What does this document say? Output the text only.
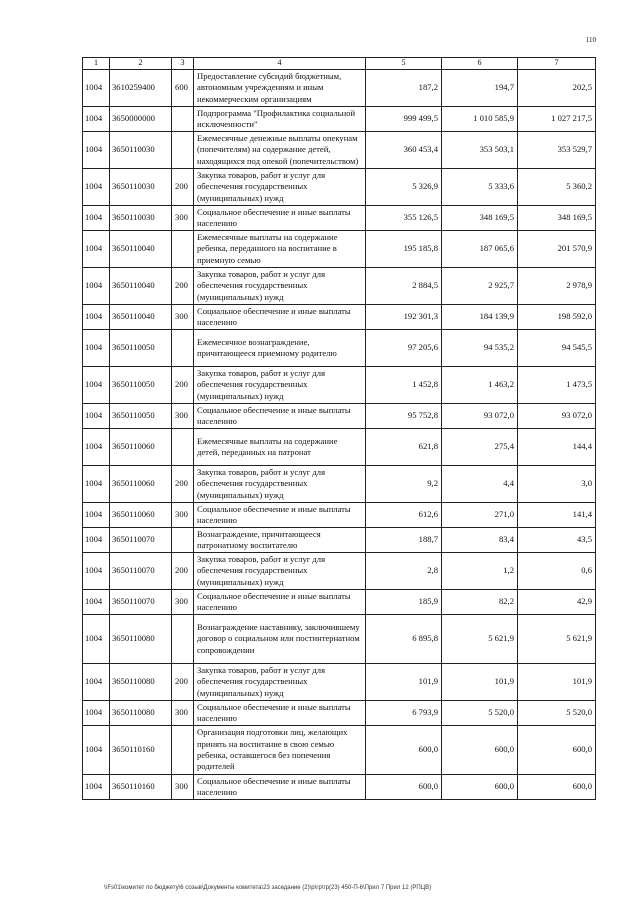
110
1	2	3	4	5	6	7
1004	3610259400	600	Предоставление субсидий бюджетным, автономным учреждениям и иным некоммерческим организациям	187,2	194,7	202,5
1004	3650000000		Подпрограмма "Профилактика социальной исключенности"	999 499,5	1 010 585,9	1 027 217,5
1004	3650110030		Ежемесячные денежные выплаты опекунам (попечителям) на содержание детей, находящихся под опекой (попечительством)	360 453,4	353 503,1	353 529,7
1004	3650110030	200	Закупка товаров, работ и услуг для обеспечения государственных (муниципальных) нужд	5 326,9	5 333,6	5 360,2
1004	3650110030	300	Социальное обеспечение и иные выплаты населению	355 126,5	348 169,5	348 169,5
1004	3650110040		Ежемесячные выплаты на содержание ребенка, переданного на воспитание в приемную семью	195 185,8	187 065,6	201 570,9
1004	3650110040	200	Закупка товаров, работ и услуг для обеспечения государственных (муниципальных) нужд	2 884,5	2 925,7	2 978,9
1004	3650110040	300	Социальное обеспечение и иные выплаты населению	192 301,3	184 139,9	198 592,0
1004	3650110050		Ежемесячное вознаграждение, причитающееся приемному родителю	97 205,6	94 535,2	94 545,5
1004	3650110050	200	Закупка товаров, работ и услуг для обеспечения государственных (муниципальных) нужд	1 452,8	1 463,2	1 473,5
1004	3650110050	300	Социальное обеспечение и иные выплаты населению	95 752,8	93 072,0	93 072,0
1004	3650110060		Ежемесячные выплаты на содержание детей, переданных на патронат	621,8	275,4	144,4
1004	3650110060	200	Закупка товаров, работ и услуг для обеспечения государственных (муниципальных) нужд	9,2	4,4	3,0
1004	3650110060	300	Социальное обеспечение и иные выплаты населению	612,6	271,0	141,4
1004	3650110070		Вознаграждение, причитающееся патронатному воспитателю	188,7	83,4	43,5
1004	3650110070	200	Закупка товаров, работ и услуг для обеспечения государственных (муниципальных) нужд	2,8	1,2	0,6
1004	3650110070	300	Социальное обеспечение и иные выплаты населению	185,9	82,2	42,9
1004	3650110080		Вознаграждение наставнику, заключившему договор о социальном или постинтернатном сопровождении	6 895,8	5 621,9	5 621,9
1004	3650110080	200	Закупка товаров, работ и услуг для обеспечения государственных (муниципальных) нужд	101,9	101,9	101,9
1004	3650110080	300	Социальное обеспечение и иные выплаты населению	6 793,9	5 520,0	5 520,0
1004	3650110160		Организация подготовки лиц, желающих принять на воспитание в свою семью ребенка, оставшегося без попечения родителей	600,0	600,0	600,0
1004	3650110160	300	Социальное обеспечение и иные выплаты населению	600,0	600,0	600,0
\\Fs01\комитет по бюджету\6 созыв\Документы комитета\23 заседание (2)\р\гр\гр(23) 450-П-6\Прил 7 Прил 12 (РПЦВ)
